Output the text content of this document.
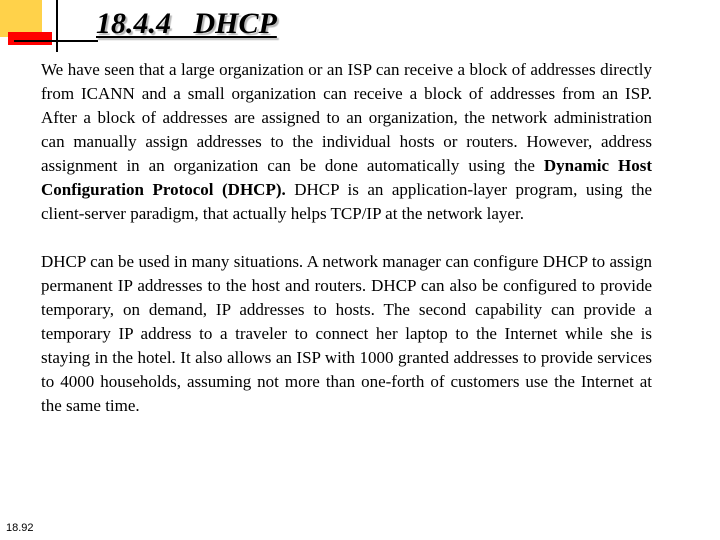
18.4.4   DHCP

We have seen that a large organization or an ISP can receive a block of addresses directly from ICANN and a small organization can receive a block of addresses from an ISP. After a block of addresses are assigned to an organization, the network administration can manually assign addresses to the individual hosts or routers. However, address assignment in an organization can be done automatically using the Dynamic Host Configuration Protocol (DHCP). DHCP is an application-layer program, using the client-server paradigm, that actually helps TCP/IP at the network layer.

DHCP can be used in many situations. A network manager can configure DHCP to assign permanent IP addresses to the host and routers. DHCP can also be configured to provide temporary, on demand, IP addresses to hosts. The second capability can provide a temporary IP address to a traveler to connect her laptop to the Internet while she is staying in the hotel. It also allows an ISP with 1000 granted addresses to provide services to 4000 households, assuming not more than one-forth of customers use the Internet at the same time.

18.92
